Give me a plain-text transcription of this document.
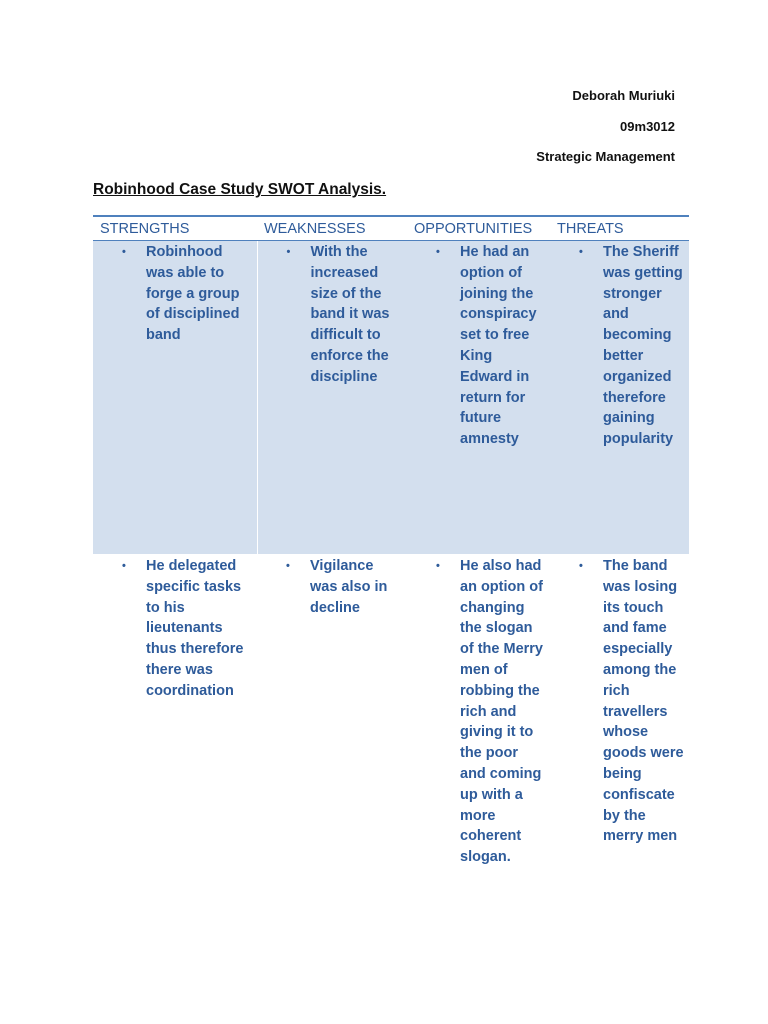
Deborah Muriuki
09m3012
Strategic Management
Robinhood Case Study SWOT Analysis.
STRENGTHS	WEAKNESSES	OPPORTUNITIES	THREATS

• Robinhood was able to forge a group of disciplined band	• With the increased size of the band it was difficult to enforce the discipline	• He had an option of joining the conspiracy set to free King Edward in return for future amnesty	• The Sheriff was getting stronger and becoming better organized therefore gaining popularity

• He delegated specific tasks to his lieutenants thus therefore there was coordination	• Vigilance was also in decline	• He also had an option of changing the slogan of the Merry men of robbing the rich and giving it to the poor and coming up with a more coherent slogan.	• The band was losing its touch and fame especially among the rich travellers whose goods were being confiscate by the merry men
